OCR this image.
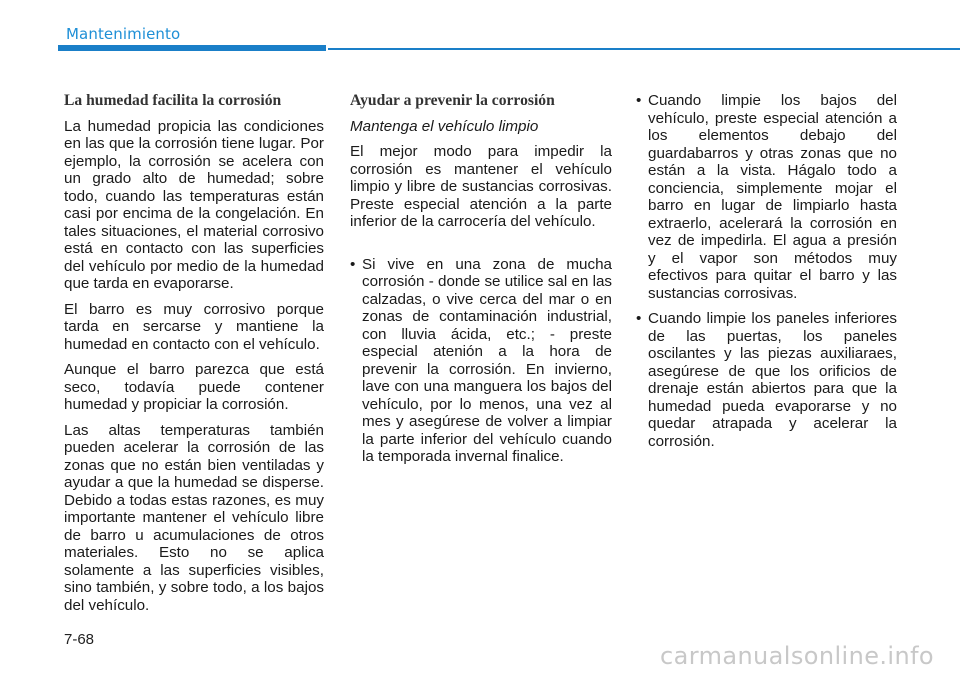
Mantenimiento
La humedad facilita la corrosión

La humedad propicia las condiciones en las que la corrosión tiene lugar. Por ejemplo, la corrosión se acelera con un grado alto de humedad; sobre todo, cuando las temperaturas están casi por encima de la congelación. En tales situaciones, el material corrosivo está en contacto con las superficies del vehículo por medio de la humedad que tarda en evaporarse.

El barro es muy corrosivo porque tarda en sercarse y mantiene la humedad en contacto con el vehículo.

Aunque el barro parezca que está seco, todavía puede contener humedad y propiciar la corrosión.

Las altas temperaturas también pueden acelerar la corrosión de las zonas que no están bien ventiladas y ayudar a que la humedad se disperse. Debido a todas estas razones, es muy importante mantener el vehículo libre de barro u acumulaciones de otros materiales. Esto no se aplica solamente a las superficies visibles, sino también, y sobre todo, a los bajos del vehículo.

Ayudar a prevenir la corrosión
Mantenga el vehículo limpio

El mejor modo para impedir la corrosión es mantener el vehículo limpio y libre de sustancias corrosivas. Preste especial atención a la parte inferior de la carrocería del vehículo.

• Si vive en una zona de mucha corrosión - donde se utilice sal en las calzadas, o vive cerca del mar o en zonas de contaminación industrial, con lluvia ácida, etc.; - preste especial atenión a la hora de prevenir la corrosión. En invierno, lave con una manguera los bajos del vehículo, por lo menos, una vez al mes y asegúrese de volver a limpiar la parte inferior del vehículo cuando la temporada invernal finalice.
• Cuando limpie los bajos del vehículo, preste especial atención a los elementos debajo del guardabarros y otras zonas que no están a la vista. Hágalo todo a conciencia, simplemente mojar el barro en lugar de limpiarlo hasta extraerlo, acelerará la corrosión en vez de impedirla. El agua a presión y el vapor son métodos muy efectivos para quitar el barro y las sustancias corrosivas.
• Cuando limpie los paneles inferiores de las puertas, los paneles oscilantes y las piezas auxiliaraes, asegúrese de que los orificios de drenaje están abiertos para que la humedad pueda evaporarse y no quedar atrapada y acelerar la corrosión.
7-68
carmanualsonline.info
